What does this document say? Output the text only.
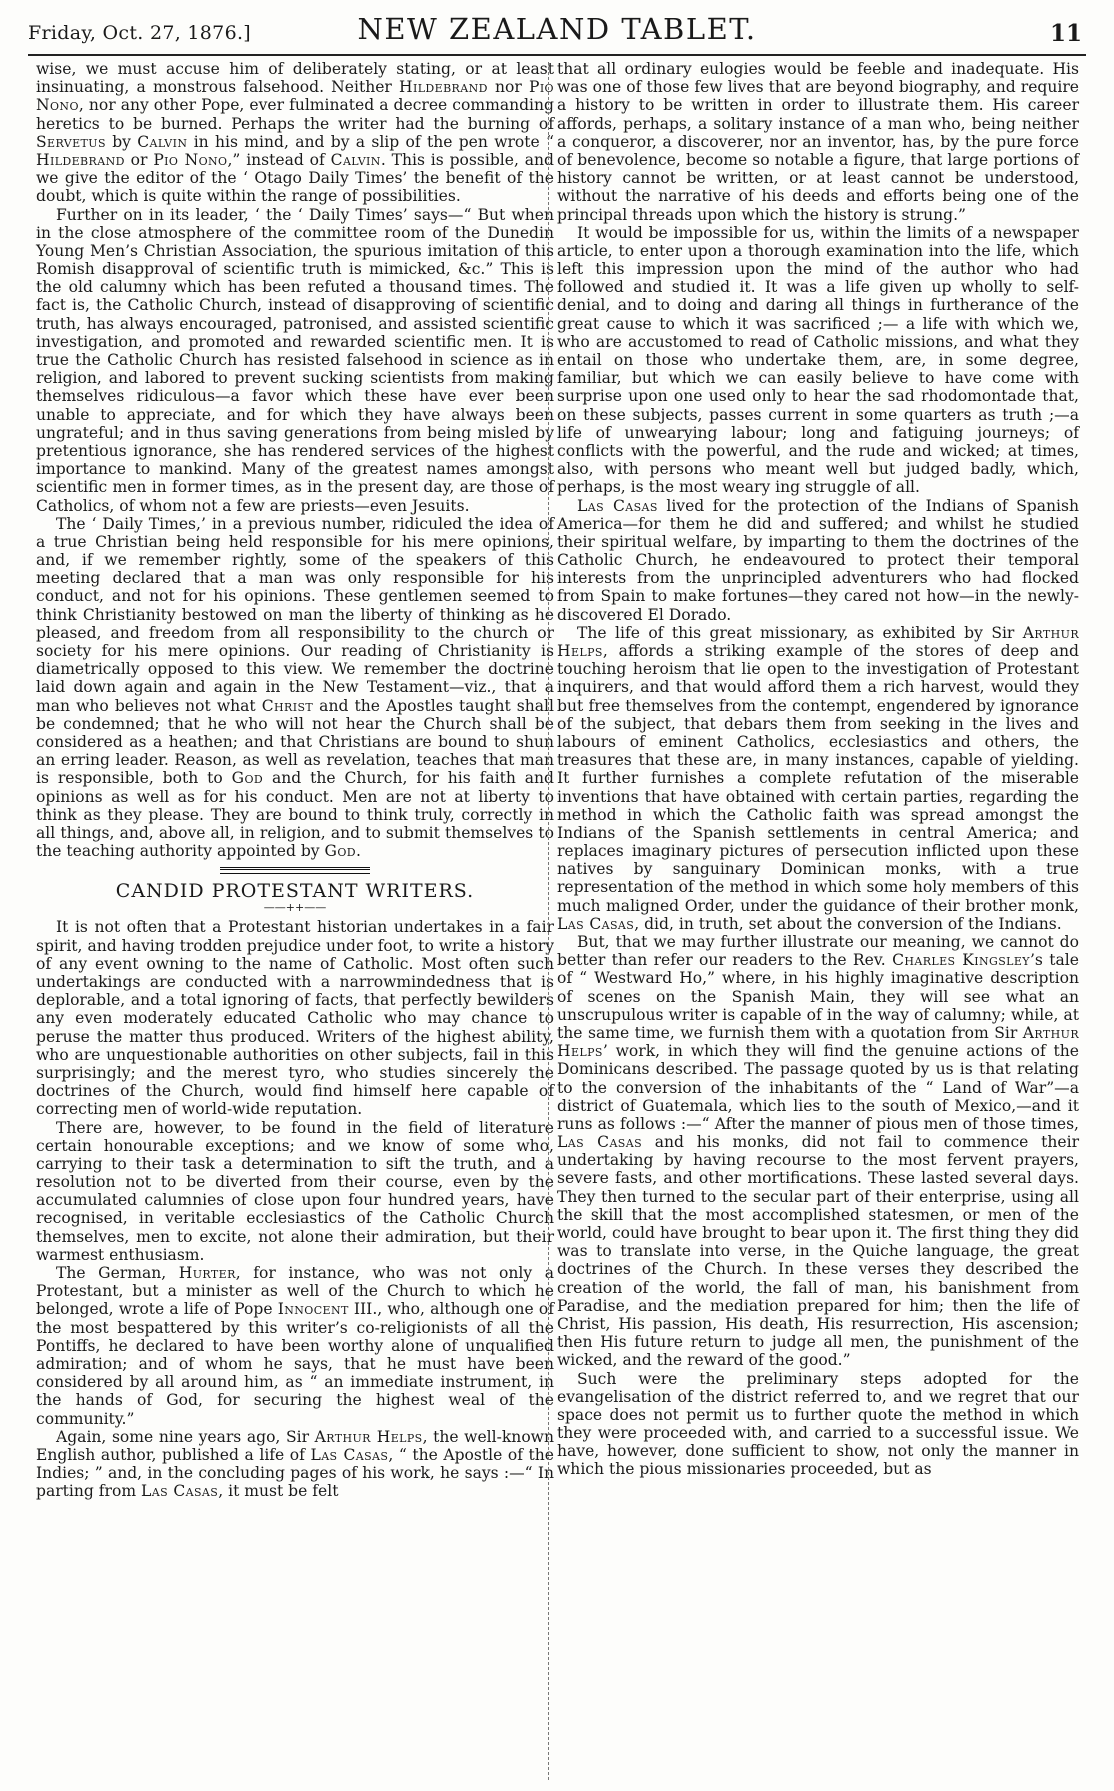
Friday, Oct. 27, 1876.]	NEW ZEALAND TABLET.	11

wise, we must accuse him of deliberately stating, or at least insinuating, a monstrous falsehood. Neither Hildebrand nor Pio Nono, nor any other Pope, ever fulminated a decree commanding heretics to be burned. Perhaps the writer had the burning of Servetus by Calvin in his mind, and by a slip of the pen wrote “ Hildebrand or Pio Nono,” instead of Calvin. This is possible, and we give the editor of the ‘ Otago Daily Times’ the benefit of the doubt, which is quite within the range of possibilities.

Further on in its leader, ‘ the ‘ Daily Times’ says—“ But when in the close atmosphere of the committee room of the Dunedin Young Men’s Christian Association, the spurious imitation of this Romish disapproval of scientific truth is mimicked, &c.” This is the old calumny which has been refuted a thousand times. The fact is, the Catholic Church, instead of disapproving of scientific truth, has always encouraged, patronised, and assisted scientific investigation, and promoted and rewarded scientific men. It is true the Catholic Church has resisted falsehood in science as in religion, and labored to prevent sucking scientists from making themselves ridiculous—a favor which these have ever been unable to appreciate, and for which they have always been ungrateful; and in thus saving generations from being misled by pretentious ignorance, she has rendered services of the highest importance to mankind. Many of the greatest names amongst scientific men in former times, as in the present day, are those of Catholics, of whom not a few are priests—even Jesuits.

The ‘ Daily Times,’ in a previous number, ridiculed the idea of a true Christian being held responsible for his mere opinions, and, if we remember rightly, some of the speakers of this meeting declared that a man was only responsible for his conduct, and not for his opinions. These gentlemen seemed to think Christianity bestowed on man the liberty of thinking as he pleased, and freedom from all responsibility to the church or society for his mere opinions. Our reading of Christianity is diametrically opposed to this view. We remember the doctrine laid down again and again in the New Testament—viz., that a man who believes not what Christ and the Apostles taught shall be condemned; that he who will not hear the Church shall be considered as a heathen; and that Christians are bound to shun an erring leader. Reason, as well as revelation, teaches that man is responsible, both to God and the Church, for his faith and opinions as well as for his conduct. Men are not at liberty to think as they please. They are bound to think truly, correctly in all things, and, above all, in religion, and to submit themselves to the teaching authority appointed by God.

CANDID PROTESTANT WRITERS.
——++——

It is not often that a Protestant historian undertakes in a fair spirit, and having trodden prejudice under foot, to write a history of any event owning to the name of Catholic. Most often such undertakings are conducted with a narrowmindedness that is deplorable, and a total ignoring of facts, that perfectly bewilders any even moderately educated Catholic who may chance to peruse the matter thus produced. Writers of the highest ability, who are unquestionable authorities on other subjects, fail in this surprisingly; and the merest tyro, who studies sincerely the doctrines of the Church, would find himself here capable of correcting men of world-wide reputation.

There are, however, to be found in the field of literature certain honourable exceptions; and we know of some who, carrying to their task a determination to sift the truth, and a resolution not to be diverted from their course, even by the accumulated calumnies of close upon four hundred years, have recognised, in veritable ecclesiastics of the Catholic Church themselves, men to excite, not alone their admiration, but their warmest enthusiasm.

The German, Hurter, for instance, who was not only a Protestant, but a minister as well of the Church to which he belonged, wrote a life of Pope Innocent III., who, although one of the most bespattered by this writer’s co-religionists of all the Pontiffs, he declared to have been worthy alone of unqualified admiration; and of whom he says, that he must have been considered by all around him, as “ an immediate instrument, in the hands of God, for securing the highest weal of the community.”

Again, some nine years ago, Sir Arthur Helps, the well-known English author, published a life of Las Casas, “ the Apostle of the Indies; ” and, in the concluding pages of his work, he says :—“ In parting from Las Casas, it must be felt

that all ordinary eulogies would be feeble and inadequate. His was one of those few lives that are beyond biography, and require a history to be written in order to illustrate them. His career affords, perhaps, a solitary instance of a man who, being neither a conqueror, a discoverer, nor an inventor, has, by the pure force of benevolence, become so notable a figure, that large portions of history cannot be written, or at least cannot be understood, without the narrative of his deeds and efforts being one of the principal threads upon which the history is strung.”

It would be impossible for us, within the limits of a newspaper article, to enter upon a thorough examination into the life, which left this impression upon the mind of the author who had followed and studied it. It was a life given up wholly to self-denial, and to doing and daring all things in furtherance of the great cause to which it was sacrificed ;— a life with which we, who are accustomed to read of Catholic missions, and what they entail on those who undertake them, are, in some degree, familiar, but which we can easily believe to have come with surprise upon one used only to hear the sad rhodomontade that, on these subjects, passes current in some quarters as truth ;—a life of unwearying labour; long and fatiguing journeys; of conflicts with the powerful, and the rude and wicked; at times, also, with persons who meant well but judged badly, which, perhaps, is the most weary ing struggle of all.

Las Casas lived for the protection of the Indians of Spanish America—for them he did and suffered; and whilst he studied their spiritual welfare, by imparting to them the doctrines of the Catholic Church, he endeavoured to protect their temporal interests from the unprincipled adventurers who had flocked from Spain to make fortunes—they cared not how—in the newly-discovered El Dorado.

The life of this great missionary, as exhibited by Sir Arthur Helps, affords a striking example of the stores of deep and touching heroism that lie open to the investigation of Protestant inquirers, and that would afford them a rich harvest, would they but free themselves from the contempt, engendered by ignorance of the subject, that debars them from seeking in the lives and labours of eminent Catholics, ecclesiastics and others, the treasures that these are, in many instances, capable of yielding. It further furnishes a complete refutation of the miserable inventions that have obtained with certain parties, regarding the method in which the Catholic faith was spread amongst the Indians of the Spanish settlements in central America; and replaces imaginary pictures of persecution inflicted upon these natives by sanguinary Dominican monks, with a true representation of the method in which some holy members of this much maligned Order, under the guidance of their brother monk, Las Casas, did, in truth, set about the conversion of the Indians.

But, that we may further illustrate our meaning, we cannot do better than refer our readers to the Rev. Charles Kingsley’s tale of “ Westward Ho,” where, in his highly imaginative description of scenes on the Spanish Main, they will see what an unscrupulous writer is capable of in the way of calumny; while, at the same time, we furnish them with a quotation from Sir Arthur Helps’ work, in which they will find the genuine actions of the Dominicans described. The passage quoted by us is that relating to the conversion of the inhabitants of the “ Land of War”—a district of Guatemala, which lies to the south of Mexico,—and it runs as follows :—“ After the manner of pious men of those times, Las Casas and his monks, did not fail to commence their undertaking by having recourse to the most fervent prayers, severe fasts, and other mortifications. These lasted several days. They then turned to the secular part of their enterprise, using all the skill that the most accomplished statesmen, or men of the world, could have brought to bear upon it. The first thing they did was to translate into verse, in the Quiche language, the great doctrines of the Church. In these verses they described the creation of the world, the fall of man, his banishment from Paradise, and the mediation prepared for him; then the life of Christ, His passion, His death, His resurrection, His ascension; then His future return to judge all men, the punishment of the wicked, and the reward of the good.”

Such were the preliminary steps adopted for the evangelisation of the district referred to, and we regret that our space does not permit us to further quote the method in which they were proceeded with, and carried to a successful issue. We have, however, done sufficient to show, not only the manner in which the pious missionaries proceeded, but as
